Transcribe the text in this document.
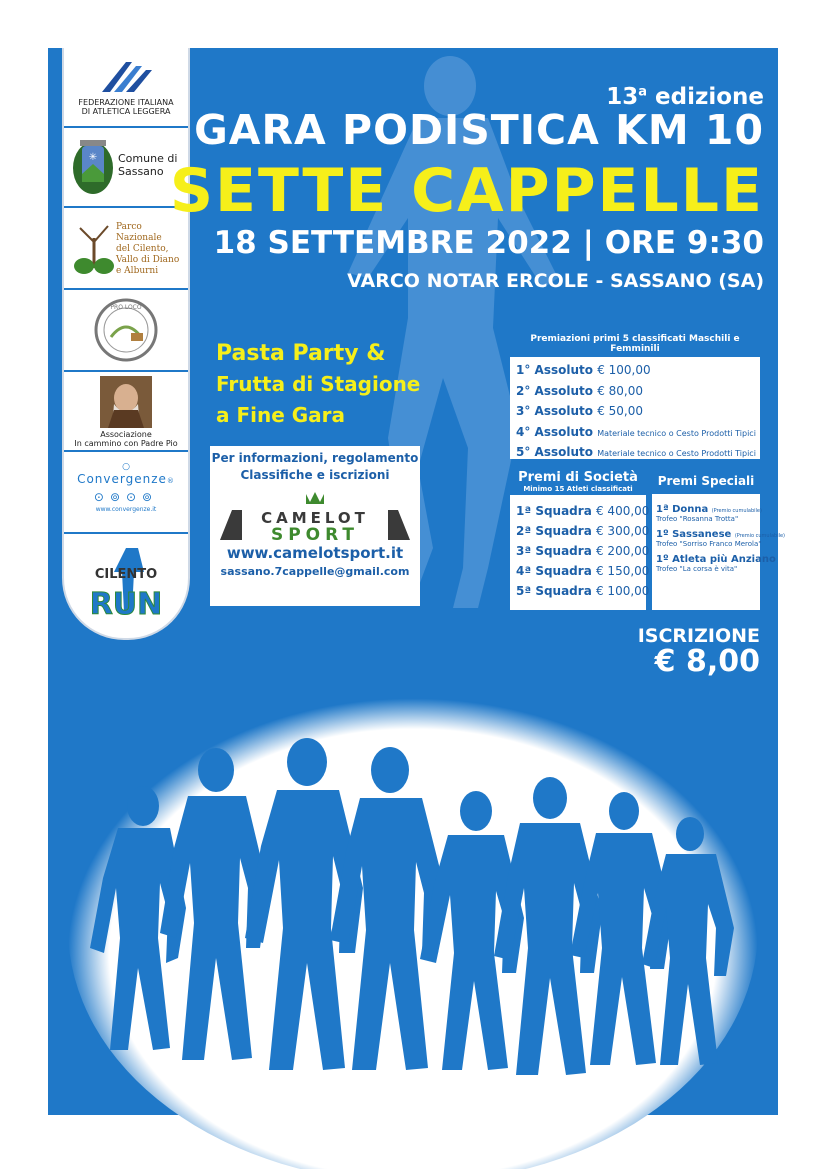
FEDERAZIONE ITALIANA
DI ATLETICA LEGGERA
✳ Comune di
Sassano
Parco Nazionale
del Cilento,
Vallo di Diano
e Alburni
PRO LOCO
Associazione
In cammino con Padre Pio
○
Convergenze®
⊙⊚⊙⊚
www.convergenze.it
CILENTO
RUN
13$^a$ edizione
GARA PODISTICA KM 10
SETTE CAPPELLE
18 SETTEMBRE 2022 | ORE 9:30
VARCO NOTAR ERCOLE - SASSANO (SA)
Pasta Party &
Frutta di Stagione
a Fine Gara
Per informazioni, regolamento
Classifiche e iscrizioni
CAMELOT
SPORT
www.camelotsport.it
sassano.7cappelle@gmail.com
Premiazioni primi 5 classificati Maschili e Femminili
1° Assoluto € 100,00
2° Assoluto € 80,00
3° Assoluto € 50,00
4° Assoluto Materiale tecnico o Cesto Prodotti Tipici
5° Assoluto Materiale tecnico o Cesto Prodotti Tipici
Premi di Società
Minimo 15 Atleti classificati
1ª Squadra € 400,00
2ª Squadra € 300,00
3ª Squadra € 200,00
4ª Squadra € 150,00
5ª Squadra € 100,00
Premi Speciali
1ª Donna (Premio cumulabile)
Trofeo "Rosanna Trotta"
1º Sassanese (Premio cumulabile)
Trofeo "Sorriso Franco Merola"
1º Atleta più Anziano
Trofeo "La corsa è vita"
ISCRIZIONE
€ 8,00
